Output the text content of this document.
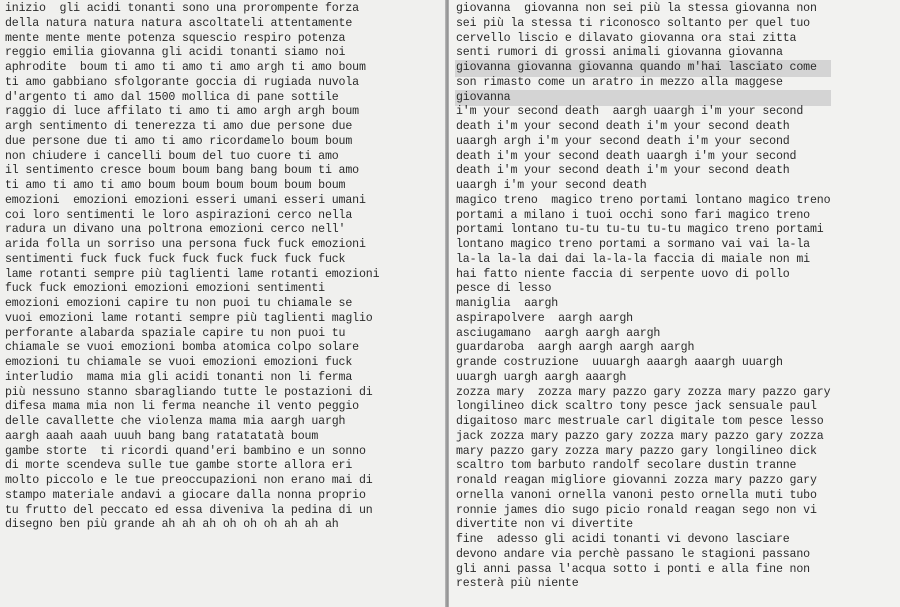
inizio  gli acidi tonanti sono una prorompente forza
della natura natura natura ascoltateli attentamente
mente mente mente potenza squescio respiro potenza
reggio emilia giovanna gli acidi tonanti siamo noi
aphrodite  boum ti amo ti amo ti amo argh ti amo boum
ti amo gabbiano sfolgorante goccia di rugiada nuvola
d'argento ti amo dal 1500 mollica di pane sottile
raggio di luce affilato ti amo ti amo argh argh boum
argh sentimento di tenerezza ti amo due persone due
due persone due ti amo ti amo ricordamelo boum boum
non chiudere i cancelli boum del tuo cuore ti amo
il sentimento cresce boum boum bang bang boum ti amo
ti amo ti amo ti amo boum boum boum boum boum boum
emozioni  emozioni emozioni esseri umani esseri umani
coi loro sentimenti le loro aspirazioni cerco nella
radura un divano una poltrona emozioni cerco nell'
arida folla un sorriso una persona fuck fuck emozioni
sentimenti fuck fuck fuck fuck fuck fuck fuck fuck
lame rotanti sempre più taglienti lame rotanti emozioni
fuck fuck emozioni emozioni emozioni sentimenti
emozioni emozioni capire tu non puoi tu chiamale se
vuoi emozioni lame rotanti sempre più taglienti maglio
perforante alabarda spaziale capire tu non puoi tu
chiamale se vuoi emozioni bomba atomica colpo solare
emozioni tu chiamale se vuoi emozioni emozioni fuck
interludio  mama mia gli acidi tonanti non li ferma
più nessuno stanno sbaragliando tutte le postazioni di
difesa mama mia non li ferma neanche il vento peggio
delle cavallette che violenza mama mia aargh uargh
aargh aaah aaah uuuh bang bang ratatatatà boum
gambe storte  ti ricordi quand'eri bambino e un sonno
di morte scendeva sulle tue gambe storte allora eri
molto piccolo e le tue preoccupazioni non erano mai di
stampo materiale andavi a giocare dalla nonna proprio
tu frutto del peccato ed essa diveniva la pedina di un
disegno ben più grande ah ah ah oh oh oh ah ah ah
giovanna  giovanna non sei più la stessa giovanna non
sei più la stessa ti riconosco soltanto per quel tuo
cervello liscio e dilavato giovanna ora stai zitta
senti rumori di grossi animali giovanna giovanna
giovanna giovanna giovanna quando m'hai lasciato come
son rimasto come un aratro in mezzo alla maggese
giovanna
i'm your second death  aargh uaargh i'm your second
death i'm your second death i'm your second death
uaargh argh i'm your second death i'm your second
death i'm your second death uaargh i'm your second
death i'm your second death i'm your second death
uaargh i'm your second death
magico treno  magico treno portami lontano magico treno
portami a milano i tuoi occhi sono fari magico treno
portami lontano tu-tu tu-tu tu-tu magico treno portami
lontano magico treno portami a sormano vai vai la-la
la-la la-la dai dai la-la-la faccia di maiale non mi
hai fatto niente faccia di serpente uovo di pollo
pesce di lesso
maniglia  aargh
aspirapolvere  aargh aargh
asciugamano  aargh aargh aargh
guardaroba  aargh aargh aargh aargh
grande costruzione  uuuargh aaargh aaargh uuargh
uuargh uargh aargh aaargh
zozza mary  zozza mary pazzo gary zozza mary pazzo gary
longilineo dick scaltro tony pesce jack sensuale paul
digaitoso marc mestruale carl digitale tom pesce lesso
jack zozza mary pazzo gary zozza mary pazzo gary zozza
mary pazzo gary zozza mary pazzo gary longilineo dick
scaltro tom barbuto randolf secolare dustin tranne
ronald reagan migliore giovanni zozza mary pazzo gary
ornella vanoni ornella vanoni pesto ornella muti tubo
ronnie james dio sugo picio ronald reagan sego non vi
divertite non vi divertite
fine  adesso gli acidi tonanti vi devono lasciare
devono andare via perchè passano le stagioni passano
gli anni passa l'acqua sotto i ponti e alla fine non
resterà più niente
